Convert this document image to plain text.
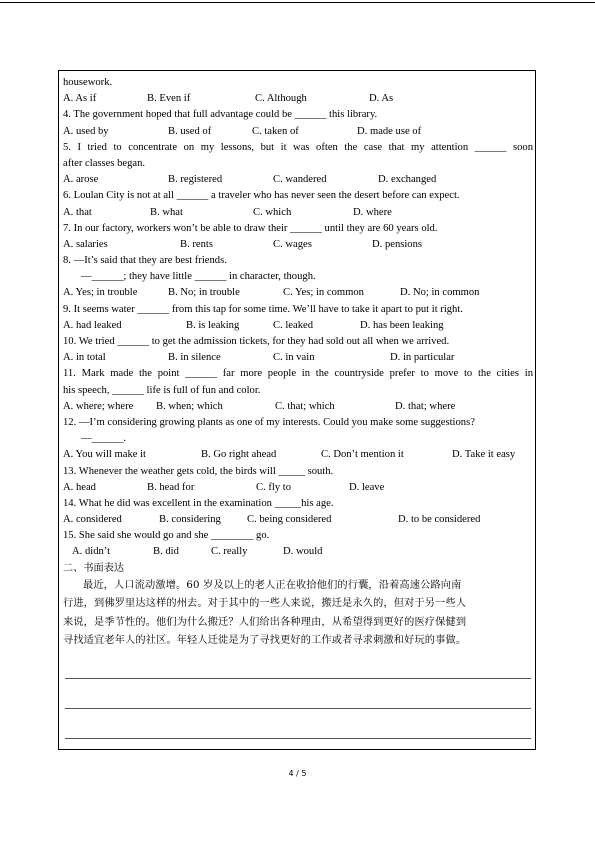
housework.
A. As if	B. Even if	C. Although	D. As
4. The government hoped that full advantage could be ______ this library.
A. used by	B. used of	C. taken of	D. made use of
5. I tried to concentrate on my lessons, but it was often the case that my attention ______ soon
after classes began.
A. arose	B. registered	C. wandered	D. exchanged
6. Loulan City is not at all ______ a traveler who has never seen the desert before can expect.
A. that	B. what	C. which	D. where
7. In our factory, workers won’t be able to draw their ______ until they are 60 years old.
A. salaries	B. rents	C. wages	D. pensions
8. —It’s said that they are best friends.
—______; they have little ______ in character, though.
A. Yes; in trouble	B. No; in trouble	C. Yes; in common	D. No; in common
9. It seems water ______ from this tap for some time. We’ll have to take it apart to put it right.
A. had leaked	B. is leaking	C. leaked	D. has been leaking
10. We tried ______ to get the admission tickets, for they had sold out all when we arrived.
A. in total	B. in silence	C. in vain	D. in particular
11. Mark made the point ______ far more people in the countryside prefer to move to the cities in
his speech, ______ life is full of fun and color.
A. where; where B. when; which	C. that; which	D. that; where
12. —I’m considering growing plants as one of my interests. Could you make some suggestions?
—______.
A. You will make it	B. Go right ahead	C. Don’t mention it	D. Take it easy
13. Whenever the weather gets cold, the birds will _____ south.
A. head	B. head for	C. fly to	D. leave
14. What he did was excellent in the examination _____his age.
A. considered	B. considering C. being considered	D. to be considered
15. She said she would go and she ________ go.
A. didn’t	B. did	C. really	D. would
二、书面表达
最近，人口流动激增。60 岁及以上的老人正在收拾他们的行囊，沿着高速公路向南
行进，到佛罗里达这样的州去。对于其中的一些人来说，搬迁是永久的，但对于另一些人
来说，是季节性的。他们为什么搬迁？人们给出各种理由，从希望得到更好的医疗保健到
寻找适宜老年人的社区。年轻人迁徙是为了寻找更好的工作或者寻求刺激和好玩的事做。
4 / 5
